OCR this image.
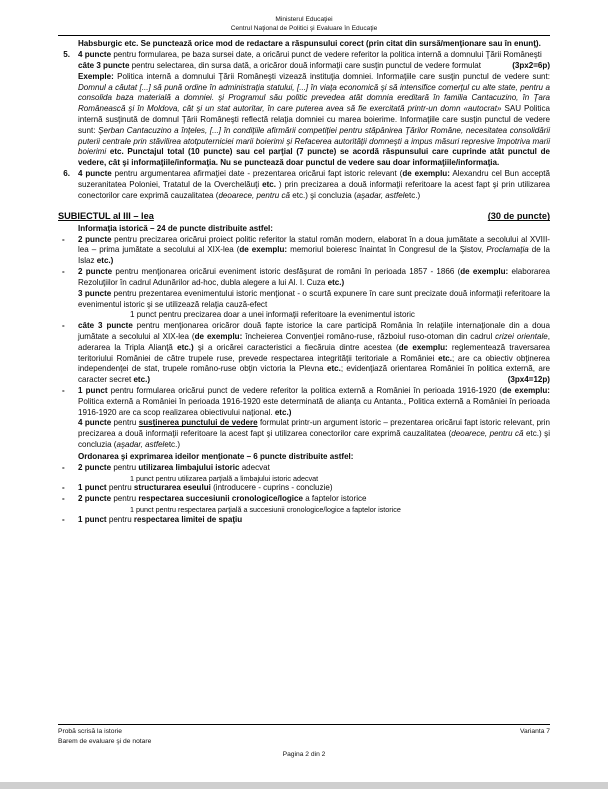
Ministerul Educaţiei
Centrul Naţional de Politici şi Evaluare în Educaţie

Habsburgic etc. Se punctează orice mod de redactare a răspunsului corect (prin citat din sursă/menţionare sau în enunţ).

5. 4 puncte pentru formularea, pe baza sursei date, a oricărui punct de vedere referitor la politica internă a domnului Ţării Româneşti
câte 3 puncte pentru selectarea, din sursa dată, a oricăror două informaţii care susţin punctul de vedere formulat	(3px2=6p)
Exemple: Politica internă a domnului Ţării Româneşti vizează instituţia domniei. Informaţiile care susţin punctul de vedere sunt: Domnul a căutat [...] să pună ordine în administraţia statului, [...] în viaţa economică şi să intensifice comerţul cu alte state, pentru a consolida baza materială a domniei. şi Programul său politic prevedea atât domnia ereditară în familia Cantacuzino, în Ţara Românească şi în Moldova, cât şi un stat autoritar, în care puterea avea să fie exercitată printr-un domn «autocrat» SAU Politica internă susţinută de domnul Ţării Româneşti reflectă relaţia domniei cu marea boierime. Informaţiile care susţin punctul de vedere sunt: Şerban Cantacuzino a înţeles, [...] în condiţiile afirmării competiţiei pentru stăpânirea Ţărilor Române, necesitatea consolidării puterii centrale prin stăvilirea atotputerniciei marii boierimi şi Refacerea autorităţii domneşti a impus măsuri represive împotriva marii boierimi etc. Punctajul total (10 puncte) sau cel parţial (7 puncte) se acordă răspunsului care cuprinde atât punctul de vedere, cât şi informaţiile/informaţia. Nu se punctează doar punctul de vedere sau doar informaţiile/informaţia.
6. 4 puncte pentru argumentarea afirmaţiei date - prezentarea oricărui fapt istoric relevant (de exemplu: Alexandru cel Bun acceptă suzeranitatea Poloniei, Tratatul de la Overchelăuţi etc. ) prin precizarea a două informaţii referitoare la acest fapt şi prin utilizarea conectorilor care exprimă cauzalitatea (deoarece, pentru că etc.) şi concluzia (aşadar, astfeletc.)
SUBIECTUL al III – lea	(30 de puncte)
Informaţia istorică – 24 de puncte distribuite astfel:
- 2 puncte pentru precizarea oricărui proiect politic referitor la statul român modern, elaborat în a doua jumătate a secolului al XVIII-lea – prima jumătate a secolului al XIX-lea (de exemplu: memoriul boieresc înaintat în Congresul de la Şistov, Proclamaţia de la Islaz etc.)
- 2 puncte pentru menţionarea oricărui eveniment istoric desfăşurat de români în perioada 1857 - 1866 (de exemplu: elaborarea Rezoluţiilor în cadrul Adunărilor ad-hoc, dubla alegere a lui Al. I. Cuza etc.)
3 puncte pentru prezentarea evenimentului istoric menţionat - o scurtă expunere în care sunt precizate două informaţii referitoare la evenimentul istoric şi se utilizează relaţia cauză-efect
1 punct pentru precizarea doar a unei informaţii referitoare la evenimentul istoric
- câte 3 puncte pentru menţionarea oricăror două fapte istorice la care participă România în relaţiile internaţionale din a doua jumătate a secolului al XIX-lea (de exemplu: încheierea Convenţiei româno-ruse, războiul ruso-otoman din cadrul crizei orientale, aderarea la Tripla Alianţă etc.) şi a oricărei caracteristici a fiecăruia dintre acestea (de exemplu: reglementează traversarea teritoriului României de către trupele ruse, prevede respectarea integrităţii teritoriale a României etc.; are ca obiectiv obţinerea independenţei de stat, trupele româno-ruse obţin victoria la Plevna etc.; evidenţiază orientarea României în politica externă, are caracter secret etc.)	(3px4=12p)
- 1 punct pentru formularea oricărui punct de vedere referitor la politica externă a României în perioada 1916-1920 (de exemplu: Politica externă a României în perioada 1916-1920 este determinată de alianţa cu Antanta., Politica externă a României în perioada 1916-1920 are ca scop realizarea obiectivului naţional. etc.)
4 puncte pentru susţinerea punctului de vedere formulat printr-un argument istoric – prezentarea oricărui fapt istoric relevant, prin precizarea a două informaţii referitoare la acest fapt şi utilizarea conectorilor care exprimă cauzalitatea (deoarece, pentru că etc.) şi concluzia (aşadar, astfeletc.)
Ordonarea şi exprimarea ideilor menţionate – 6 puncte distribuite astfel:
- 2 puncte pentru utilizarea limbajului istoric adecvat
1 punct pentru utilizarea parţială a limbajului istoric adecvat
- 1 punct pentru structurarea eseului (introducere - cuprins - concluzie)
- 2 puncte pentru respectarea succesiunii cronologice/logice a faptelor istorice
1 punct pentru respectarea parţială a succesiunii cronologice/logice a faptelor istorice
- 1 punct pentru respectarea limitei de spaţiu
Probă scrisă la istorie	Varianta 7
Barem de evaluare şi de notare
Pagina 2 din 2
